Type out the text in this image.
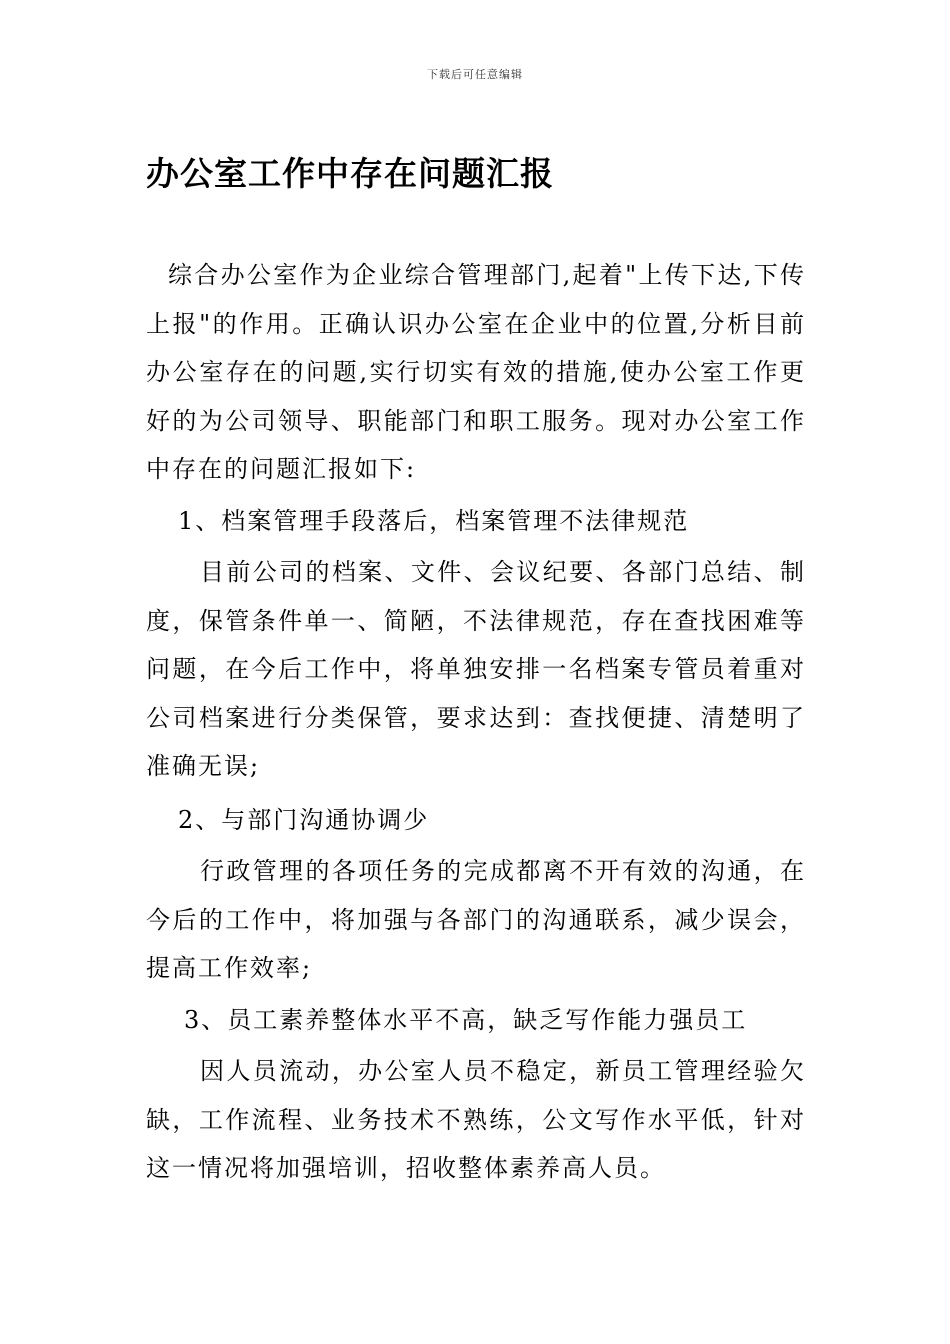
下载后可任意编辑
办公室工作中存在问题汇报

综合办公室作为企业综合管理部门,起着"上传下达,下传上报"的作用。正确认识办公室在企业中的位置,分析目前办公室存在的问题,实行切实有效的措施,使办公室工作更好的为公司领导、职能部门和职工服务。现对办公室工作中存在的问题汇报如下:

1、档案管理手段落后，档案管理不法律规范

目前公司的档案、文件、会议纪要、各部门总结、制度，保管条件单一、简陋，不法律规范，存在查找困难等问题，在今后工作中，将单独安排一名档案专管员着重对公司档案进行分类保管，要求达到：查找便捷、清楚明了准确无误;

2、与部门沟通协调少

行政管理的各项任务的完成都离不开有效的沟通，在今后的工作中，将加强与各部门的沟通联系，减少误会，提高工作效率;

3、员工素养整体水平不高，缺乏写作能力强员工

因人员流动，办公室人员不稳定，新员工管理经验欠缺，工作流程、业务技术不熟练，公文写作水平低，针对这一情况将加强培训，招收整体素养高人员。
